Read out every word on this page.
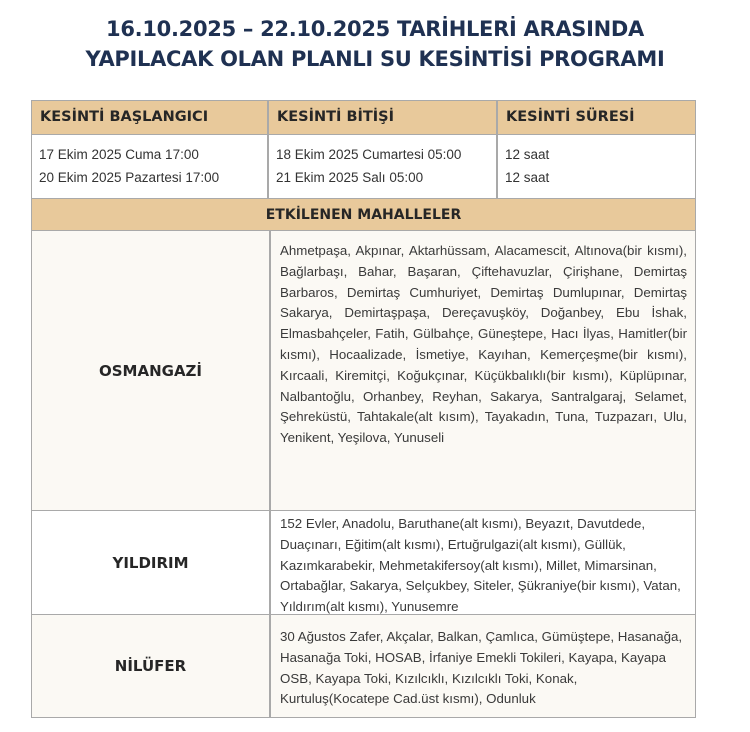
16.10.2025 – 22.10.2025 TARİHLERİ ARASINDA
YAPILACAK OLAN PLANLI SU KESİNTİSİ PROGRAMI
KESİNTİ BAŞLANGICI	KESİNTİ BİTİŞİ	KESİNTİ SÜRESİ
17 Ekim 2025 Cuma 17:00
20 Ekim 2025 Pazartesi 17:00
18 Ekim 2025 Cumartesi 05:00
21 Ekim 2025 Salı 05:00
12 saat
12 saat
ETKİLENEN MAHALLELER
OSMANGAZİ
Ahmetpaşa, Akpınar, Aktarhüssam, Alacamescit, Altınova(bir kısmı), Bağlarbaşı, Bahar, Başaran, Çiftehavuzlar, Çirişhane, Demirtaş Barbaros, Demirtaş Cumhuriyet, Demirtaş Dumlupınar, Demirtaş Sakarya, Demirtaşpaşa, Dereçavuşköy, Doğanbey, Ebu İshak, Elmasbahçeler, Fatih, Gülbahçe, Güneştepe, Hacı İlyas, Hamitler(bir kısmı), Hocaalizade, İsmetiye, Kayıhan, Kemerçeşme(bir kısmı), Kırcaali, Kiremitçi, Koğukçınar, Küçükbalıklı(bir kısmı), Küplüpınar, Nalbantoğlu, Orhanbey, Reyhan, Sakarya, Santralgaraj, Selamet, Şehreküstü, Tahtakale(alt kısım), Tayakadın, Tuna, Tuzpazarı, Ulu, Yenikent, Yeşilova, Yunuseli
YILDIRIM
152 Evler, Anadolu, Baruthane(alt kısmı), Beyazıt, Davutdede, Duaçınarı, Eğitim(alt kısmı), Ertuğrulgazi(alt kısmı), Güllük, Kazımkarabekir, Mehmetakifersoy(alt kısmı), Millet, Mimarsinan, Ortabağlar, Sakarya, Selçukbey, Siteler, Şükraniye(bir kısmı), Vatan, Yıldırım(alt kısmı), Yunusemre
NİLÜFER
30 Ağustos Zafer, Akçalar, Balkan, Çamlıca, Gümüştepe, Hasanağa, Hasanağa Toki, HOSAB, İrfaniye Emekli Tokileri, Kayapa, Kayapa OSB, Kayapa Toki, Kızılcıklı, Kızılcıklı Toki, Konak, Kurtuluş(Kocatepe Cad.üst kısmı), Odunluk
